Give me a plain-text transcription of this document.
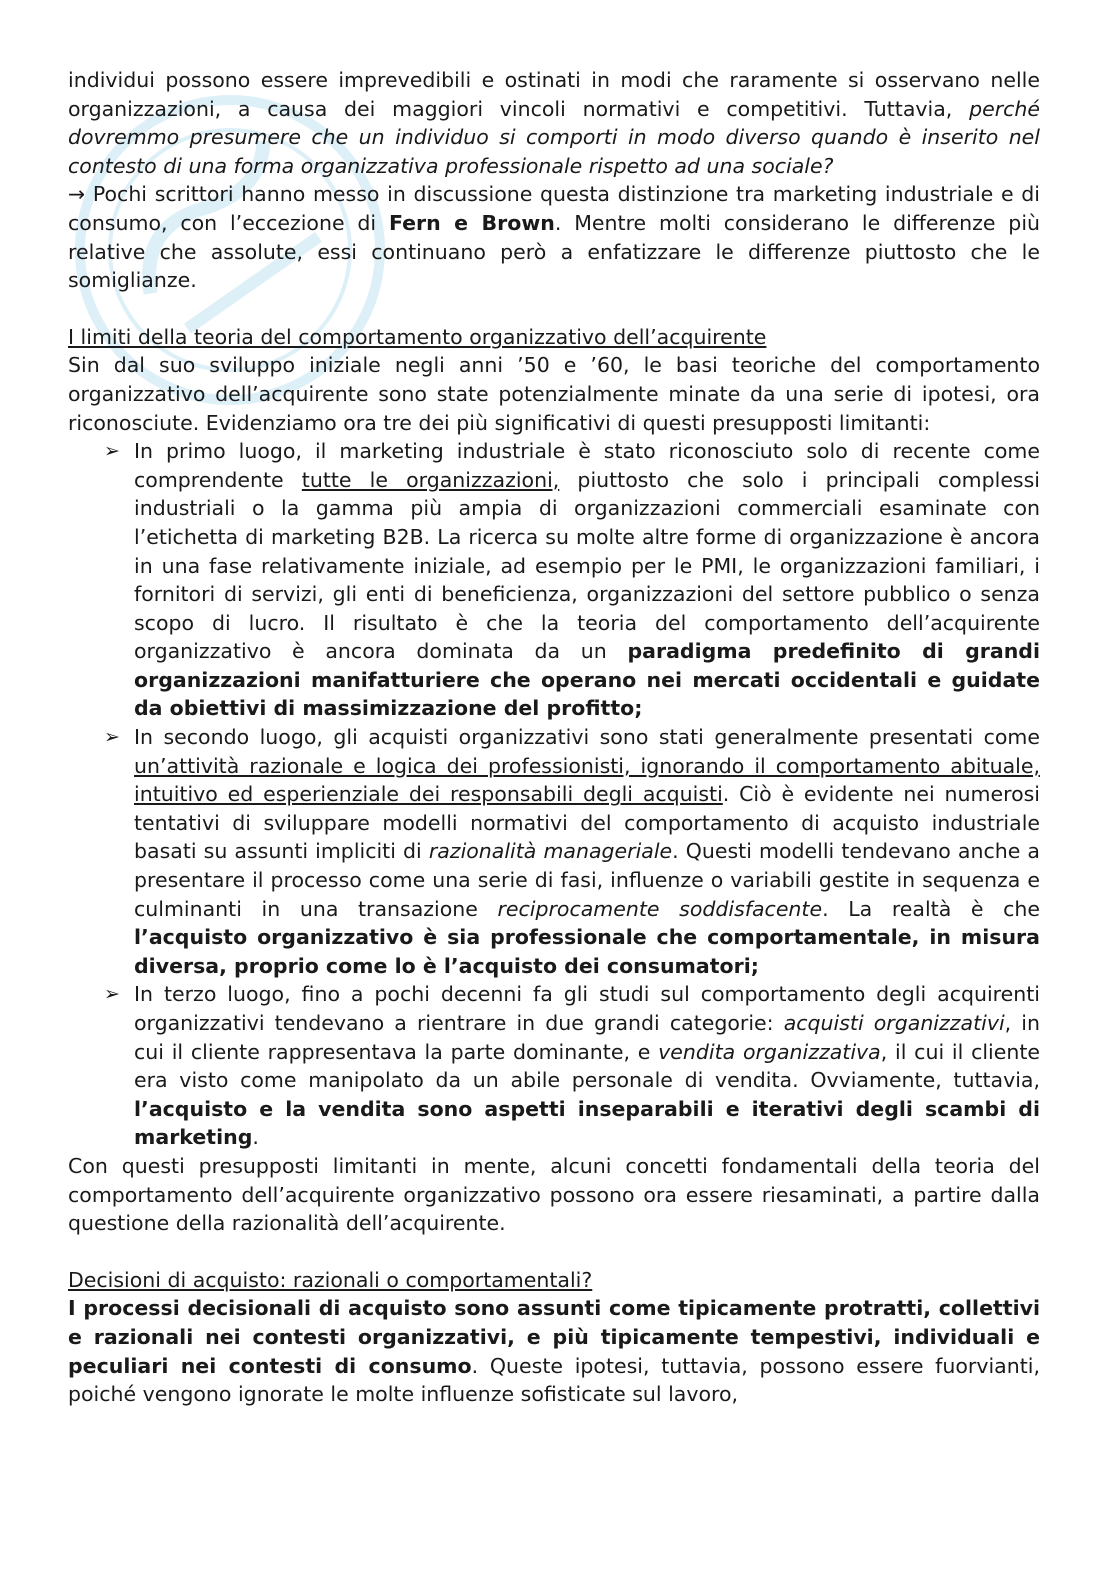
individui possono essere imprevedibili e ostinati in modi che raramente si osservano nelle organizzazioni, a causa dei maggiori vincoli normativi e competitivi. Tuttavia, perché dovremmo presumere che un individuo si comporti in modo diverso quando è inserito nel contesto di una forma organizzativa professionale rispetto ad una sociale?
→ Pochi scrittori hanno messo in discussione questa distinzione tra marketing industriale e di consumo, con l’eccezione di Fern e Brown. Mentre molti considerano le differenze più relative che assolute, essi continuano però a enfatizzare le differenze piuttosto che le somiglianze.

I limiti della teoria del comportamento organizzativo dell’acquirente

Sin dal suo sviluppo iniziale negli anni ’50 e ’60, le basi teoriche del comportamento organizzativo dell’acquirente sono state potenzialmente minate da una serie di ipotesi, ora riconosciute. Evidenziamo ora tre dei più significativi di questi presupposti limitanti:

➢ In primo luogo, il marketing industriale è stato riconosciuto solo di recente come comprendente tutte le organizzazioni, piuttosto che solo i principali complessi industriali o la gamma più ampia di organizzazioni commerciali esaminate con l’etichetta di marketing B2B. La ricerca su molte altre forme di organizzazione è ancora in una fase relativamente iniziale, ad esempio per le PMI, le organizzazioni familiari, i fornitori di servizi, gli enti di beneficienza, organizzazioni del settore pubblico o senza scopo di lucro. Il risultato è che la teoria del comportamento dell’acquirente organizzativo è ancora dominata da un paradigma predefinito di grandi organizzazioni manifatturiere che operano nei mercati occidentali e guidate da obiettivi di massimizzazione del profitto;
➢ In secondo luogo, gli acquisti organizzativi sono stati generalmente presentati come un’attività razionale e logica dei professionisti, ignorando il comportamento abituale, intuitivo ed esperienziale dei responsabili degli acquisti. Ciò è evidente nei numerosi tentativi di sviluppare modelli normativi del comportamento di acquisto industriale basati su assunti impliciti di razionalità manageriale. Questi modelli tendevano anche a presentare il processo come una serie di fasi, influenze o variabili gestite in sequenza e culminanti in una transazione reciprocamente soddisfacente. La realtà è che l’acquisto organizzativo è sia professionale che comportamentale, in misura diversa, proprio come lo è l’acquisto dei consumatori;
➢ In terzo luogo, fino a pochi decenni fa gli studi sul comportamento degli acquirenti organizzativi tendevano a rientrare in due grandi categorie: acquisti organizzativi, in cui il cliente rappresentava la parte dominante, e vendita organizzativa, il cui il cliente era visto come manipolato da un abile personale di vendita. Ovviamente, tuttavia, l’acquisto e la vendita sono aspetti inseparabili e iterativi degli scambi di marketing.

Con questi presupposti limitanti in mente, alcuni concetti fondamentali della teoria del comportamento dell’acquirente organizzativo possono ora essere riesaminati, a partire dalla questione della razionalità dell’acquirente.

Decisioni di acquisto: razionali o comportamentali?

I processi decisionali di acquisto sono assunti come tipicamente protratti, collettivi e razionali nei contesti organizzativi, e più tipicamente tempestivi, individuali e peculiari nei contesti di consumo. Queste ipotesi, tuttavia, possono essere fuorvianti, poiché vengono ignorate le molte influenze sofisticate sul lavoro,
